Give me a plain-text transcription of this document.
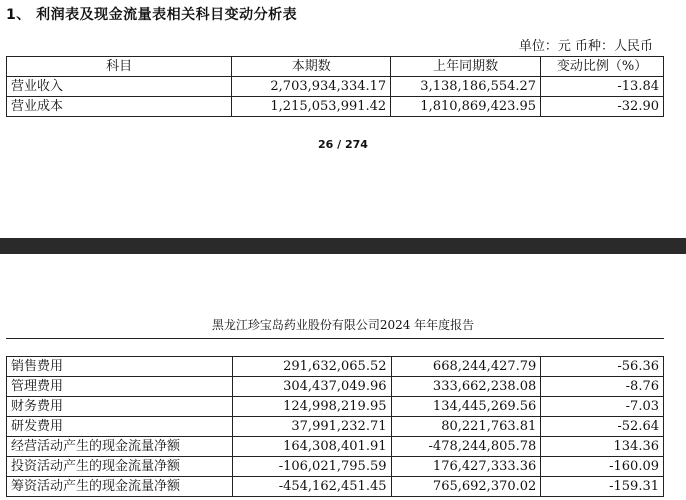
1、 利润表及现金流量表相关科目变动分析表
单位：元 币种：人民币
科目	本期数	上年同期数	变动比例（%）
营业收入	2,703,934,334.17	3,138,186,554.27	-13.84
营业成本	1,215,053,991.42	1,810,869,423.95	-32.90
26 / 274
黑龙江珍宝岛药业股份有限公司2024 年年度报告
销售费用	291,632,065.52	668,244,427.79	-56.36
管理费用	304,437,049.96	333,662,238.08	-8.76
财务费用	124,998,219.95	134,445,269.56	-7.03
研发费用	37,991,232.71	80,221,763.81	-52.64
经营活动产生的现金流量净额	164,308,401.91	-478,244,805.78	134.36
投资活动产生的现金流量净额	-106,021,795.59	176,427,333.36	-160.09
筹资活动产生的现金流量净额	-454,162,451.45	765,692,370.02	-159.31
